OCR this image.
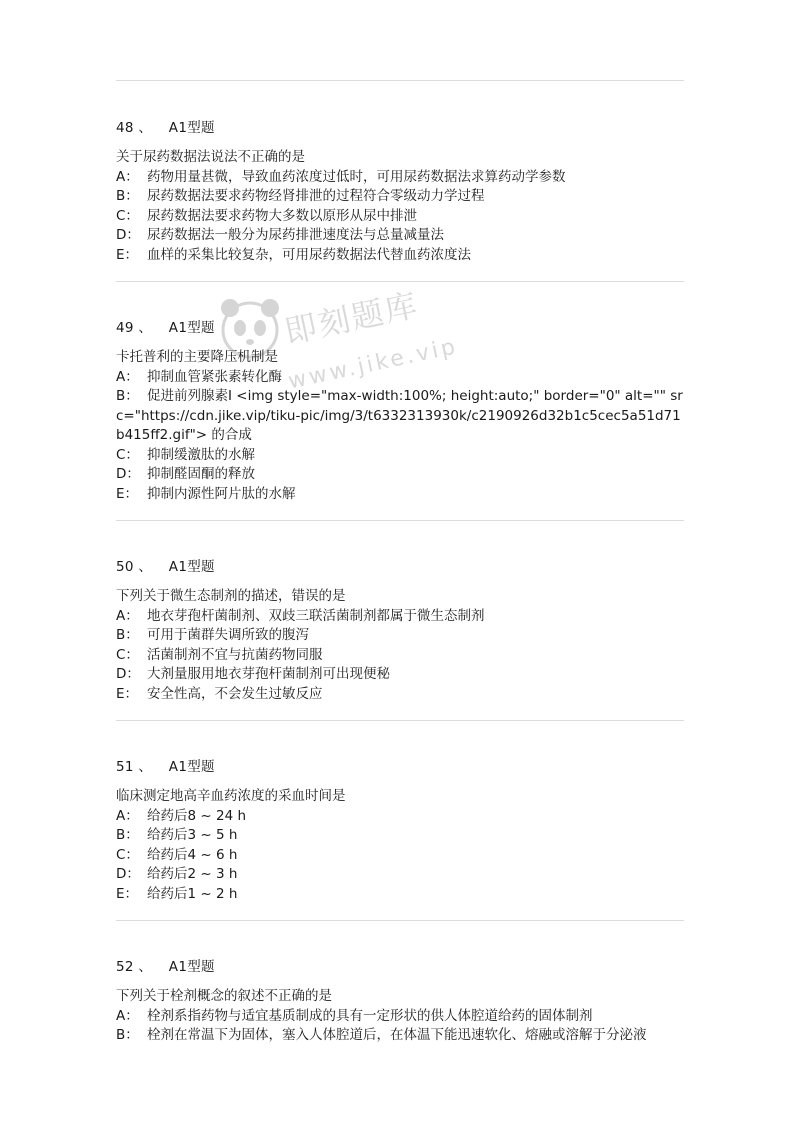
48 、 A1型题

关于尿药数据法说法不正确的是

A： 药物用量甚微，导致血药浓度过低时，可用尿药数据法求算药动学参数

B： 尿药数据法要求药物经肾排泄的过程符合零级动力学过程

C： 尿药数据法要求药物大多数以原形从尿中排泄

D： 尿药数据法一般分为尿药排泄速度法与总量减量法

E： 血样的采集比较复杂，可用尿药数据法代替血药浓度法

49 、 A1型题

卡托普利的主要降压机制是

A： 抑制血管紧张素转化酶

B： 促进前列腺素I <img style="max-width:100%; height:auto;" border="0" alt="" src="https://cdn.jike.vip/tiku-pic/img/3/t6332313930k/c2190926d32b1c5cec5a51d71b415ff2.gif"> 的合成

C： 抑制缓激肽的水解

D： 抑制醛固酮的释放

E： 抑制内源性阿片肽的水解

50 、 A1型题

下列关于微生态制剂的描述，错误的是

A： 地衣芽孢杆菌制剂、双歧三联活菌制剂都属于微生态制剂

B： 可用于菌群失调所致的腹泻

C： 活菌制剂不宜与抗菌药物同服

D： 大剂量服用地衣芽孢杆菌制剂可出现便秘

E： 安全性高，不会发生过敏反应

51 、 A1型题

临床测定地高辛血药浓度的采血时间是

A： 给药后8 ~ 24 h

B： 给药后3 ~ 5 h

C： 给药后4 ~ 6 h

D： 给药后2 ~ 3 h

E： 给药后1 ~ 2 h

52 、 A1型题

下列关于栓剂概念的叙述不正确的是

A： 栓剂系指药物与适宜基质制成的具有一定形状的供人体腔道给药的固体制剂

B： 栓剂在常温下为固体，塞入人体腔道后，在体温下能迅速软化、熔融或溶解于分泌液

即刻题库
www.jike.vip
